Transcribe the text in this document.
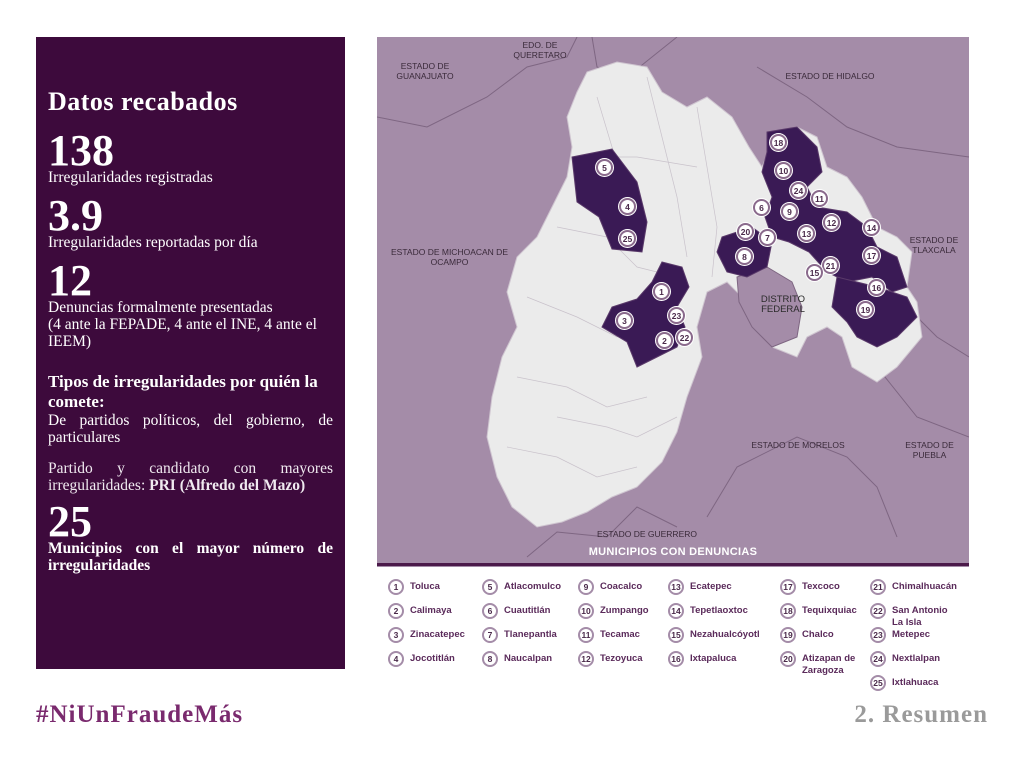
Datos recabados
138
Irregularidades registradas
3.9
Irregularidades reportadas por día
12
Denuncias formalmente presentadas
(4 ante la FEPADE, 4 ante el INE, 4 ante el IEEM)
Tipos de irregularidades por quién la comete:
De partidos políticos, del gobierno, de particulares
Partido y candidato con mayores irregularidades: PRI (Alfredo del Mazo)
25
Municipios con el mayor número de irregularidades
ESTADO DE GUANAJUATO
EDO. DE QUERETARO
ESTADO DE HIDALGO
ESTADO DE MICHOACAN DE OCAMPO
DISTRITO FEDERAL
ESTADO DE TLAXCALA
ESTADO DE MORELOS	ESTADO DE PUEBLA
ESTADO DE GUERRERO
5
4
25
1
3	23
2	22
18
10
24
11
6	9
12
20
7	13
8
14
17
21
15
16
19
MUNICIPIOS CON DENUNCIAS
1	Toluca
2	Calimaya
3	Zinacatepec
4	Jocotitlán
5	Atlacomulco
6	Cuautitlán
7	Tlanepantla
8	Naucalpan
9	Coacalco
10 Zumpango
11	Tecamac
12 Tezoyuca
13 Ecatepec
14 Tepetlaoxtoc
15 Nezahualcóyotl
16 Ixtapaluca
17 Texcoco
18 Tequixquiac
19 Chalco
20 Atizapan de Zaragoza
21 Chimalhuacán
22 San Antonio La Isla
23 Metepec
24 Nextlalpan
25 Ixtlahuaca
#NiUnFraudeMás	2. Resumen
